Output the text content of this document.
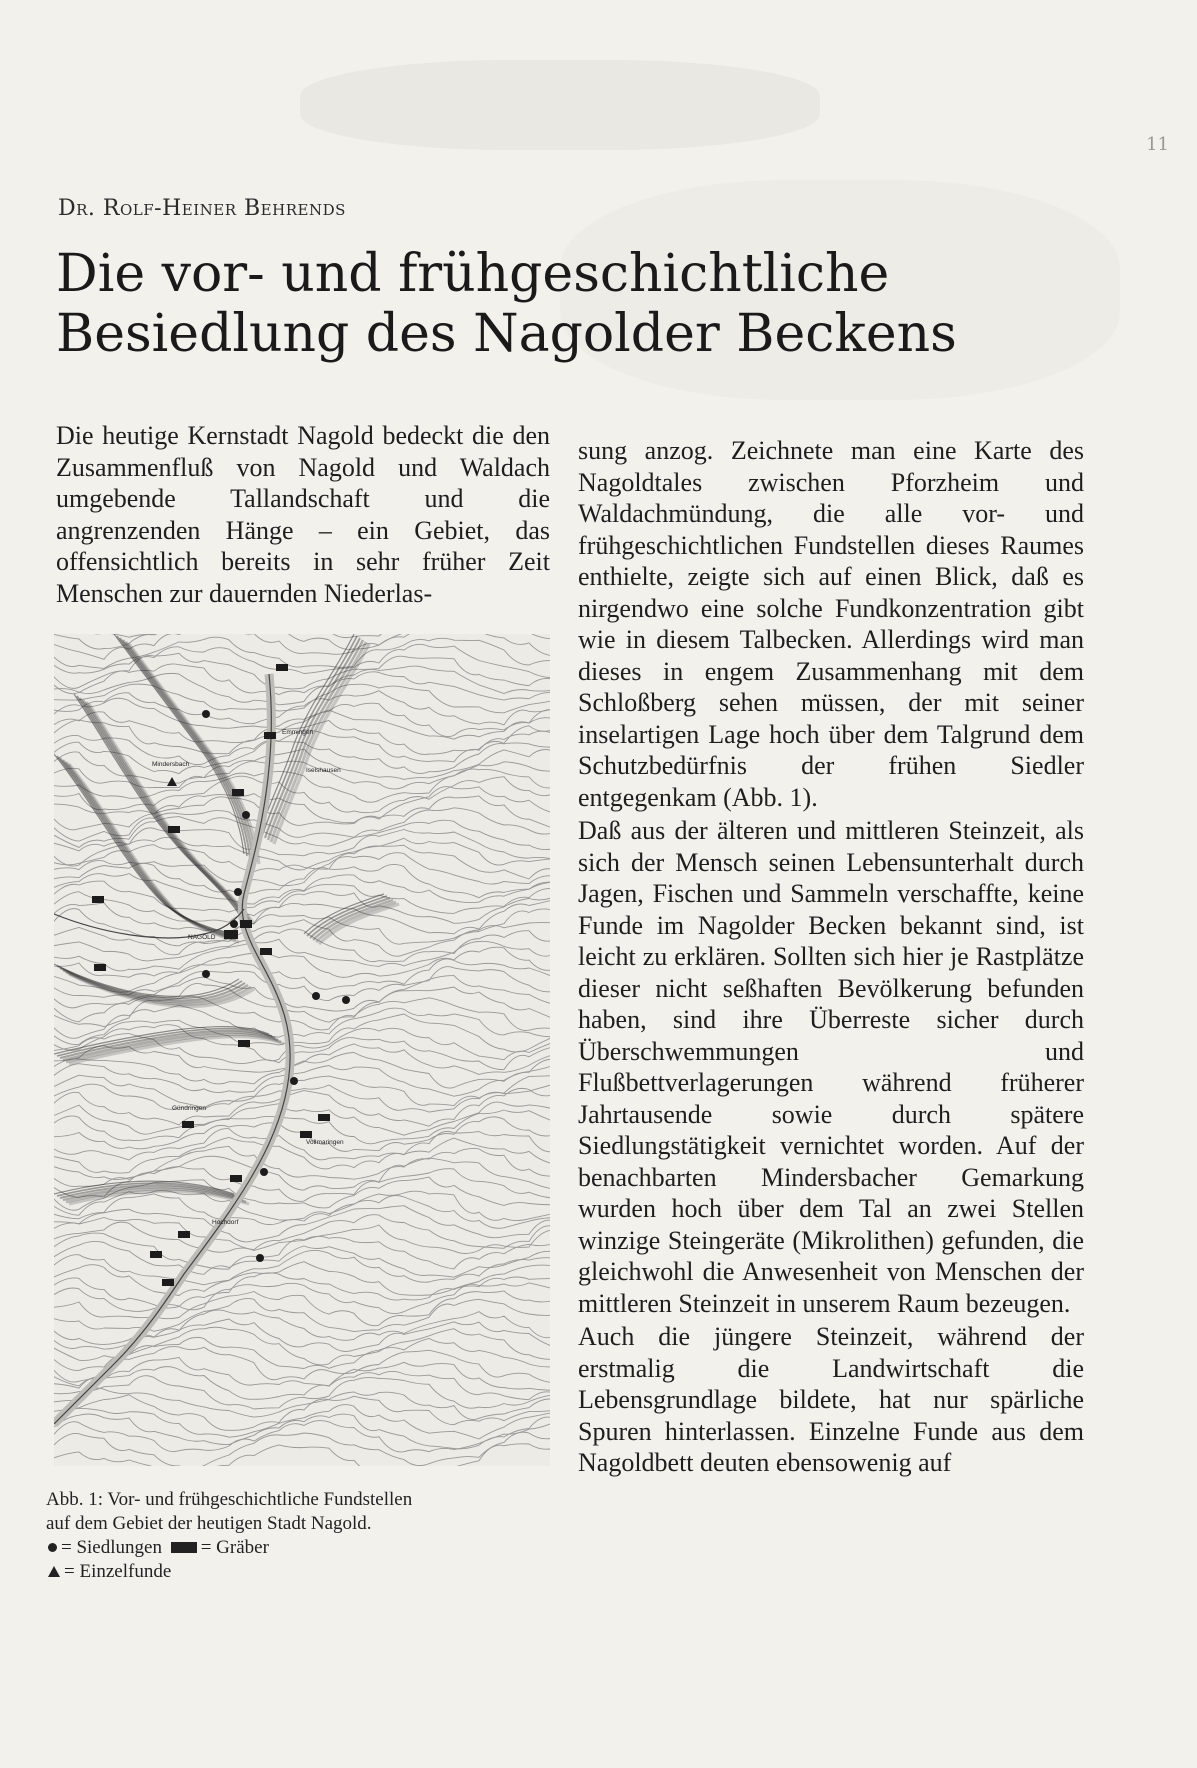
11
Dr. Rolf-Heiner Behrends
Die vor- und frühgeschichtliche Besiedlung des Nagolder Beckens

Die heutige Kernstadt Nagold bedeckt die den Zusammenfluß von Nagold und Waldach umgebende Tallandschaft und die angrenzenden Hänge – ein Gebiet, das offensichtlich bereits in sehr früher Zeit Menschen zur dauernden Niederlas-

NAGOLD
Emmingen
Iselshausen
Vollmaringen
Hochdorf
Gündringen
Mindersbach
Abb. 1: Vor- und frühgeschichtliche Fundstellen
auf dem Gebiet der heutigen Stadt Nagold.
= Siedlungen = Gräber
= Einzelfunde

sung anzog. Zeichnete man eine Karte des Nagoldtales zwischen Pforzheim und Waldachmündung, die alle vor- und frühgeschichtlichen Fundstellen dieses Raumes enthielte, zeigte sich auf einen Blick, daß es nirgendwo eine solche Fundkonzentration gibt wie in diesem Talbecken. Allerdings wird man dieses in engem Zusammenhang mit dem Schloßberg sehen müssen, der mit seiner inselartigen Lage hoch über dem Talgrund dem Schutzbedürfnis der frühen Siedler entgegenkam (Abb. 1).

Daß aus der älteren und mittleren Steinzeit, als sich der Mensch seinen Lebensunterhalt durch Jagen, Fischen und Sammeln verschaffte, keine Funde im Nagolder Becken bekannt sind, ist leicht zu erklären. Sollten sich hier je Rastplätze dieser nicht seßhaften Bevölkerung befunden haben, sind ihre Überreste sicher durch Überschwemmungen und Flußbettverlagerungen während früherer Jahrtausende sowie durch spätere Siedlungstätigkeit vernichtet worden. Auf der benachbarten Mindersbacher Gemarkung wurden hoch über dem Tal an zwei Stellen winzige Steingeräte (Mikrolithen) gefunden, die gleichwohl die Anwesenheit von Menschen der mittleren Steinzeit in unserem Raum bezeugen.

Auch die jüngere Steinzeit, während der erstmalig die Landwirtschaft die Lebensgrundlage bildete, hat nur spärliche Spuren hinterlassen. Einzelne Funde aus dem Nagoldbett deuten ebensowenig auf
